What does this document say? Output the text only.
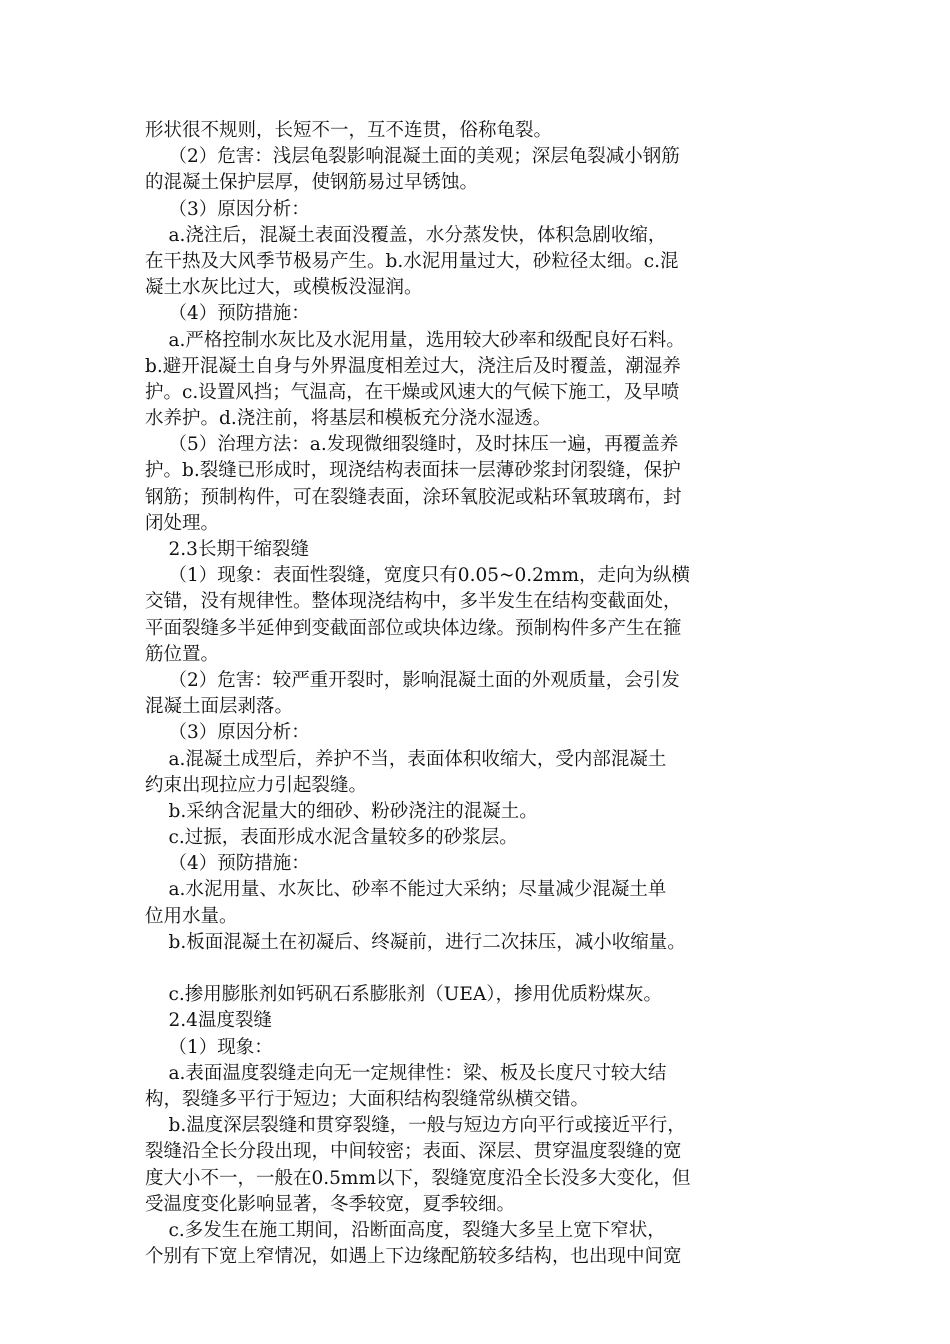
形状很不规则，长短不一，互不连贯，俗称龟裂。
（2）危害：浅层龟裂影响混凝土面的美观；深层龟裂减小钢筋
的混凝土保护层厚，使钢筋易过早锈蚀。
（3）原因分析：
a.浇注后，混凝土表面没覆盖，水分蒸发快，体积急剧收缩，
在干热及大风季节极易产生。b.水泥用量过大，砂粒径太细。c.混
凝土水灰比过大，或模板没湿润。
（4）预防措施：
a.严格控制水灰比及水泥用量，选用较大砂率和级配良好石料。
b.避开混凝土自身与外界温度相差过大，浇注后及时覆盖，潮湿养
护。c.设置风挡；气温高，在干燥或风速大的气候下施工，及早喷
水养护。d.浇注前，将基层和模板充分浇水湿透。
（5）治理方法：a.发现微细裂缝时，及时抹压一遍，再覆盖养
护。b.裂缝已形成时，现浇结构表面抹一层薄砂浆封闭裂缝，保护
钢筋；预制构件，可在裂缝表面，涂环氧胶泥或粘环氧玻璃布，封
闭处理。
2.3长期干缩裂缝
（1）现象：表面性裂缝，宽度只有0.05~0.2mm，走向为纵横
交错，没有规律性。整体现浇结构中，多半发生在结构变截面处，
平面裂缝多半延伸到变截面部位或块体边缘。预制构件多产生在箍
筋位置。
（2）危害：较严重开裂时，影响混凝土面的外观质量，会引发
混凝土面层剥落。
（3）原因分析：
a.混凝土成型后，养护不当，表面体积收缩大，受内部混凝土
约束出现拉应力引起裂缝。
b.采纳含泥量大的细砂、粉砂浇注的混凝土。
c.过振，表面形成水泥含量较多的砂浆层。
（4）预防措施：
a.水泥用量、水灰比、砂率不能过大采纳；尽量减少混凝土单
位用水量。
b.板面混凝土在初凝后、终凝前，进行二次抹压，减小收缩量。
c.掺用膨胀剂如钙矾石系膨胀剂（UEA），掺用优质粉煤灰。
2.4温度裂缝
（1）现象：
a.表面温度裂缝走向无一定规律性：梁、板及长度尺寸较大结
构，裂缝多平行于短边；大面积结构裂缝常纵横交错。
b.温度深层裂缝和贯穿裂缝，一般与短边方向平行或接近平行，
裂缝沿全长分段出现，中间较密；表面、深层、贯穿温度裂缝的宽
度大小不一，一般在0.5mm以下，裂缝宽度沿全长没多大变化，但
受温度变化影响显著，冬季较宽，夏季较细。
c.多发生在施工期间，沿断面高度，裂缝大多呈上宽下窄状，
个别有下宽上窄情况，如遇上下边缘配筋较多结构，也出现中间宽
